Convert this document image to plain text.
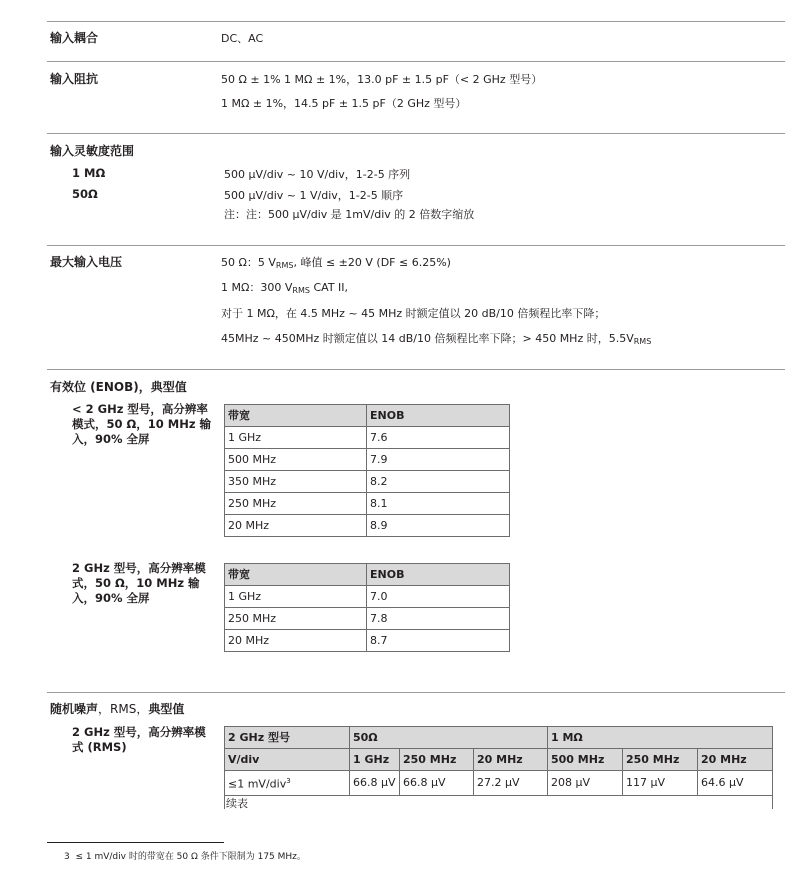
输入耦合	DC、AC
输入阻抗	50 Ω ± 1% 1 MΩ ± 1%，13.0 pF ± 1.5 pF（< 2 GHz 型号）
1 MΩ ± 1%，14.5 pF ± 1.5 pF（2 GHz 型号）
输入灵敏度范围
1 MΩ	500 μV/div ~ 10 V/div，1-2-5 序列
50Ω	500 μV/div ~ 1 V/div，1-2-5 顺序
注：注：500 μV/div 是 1mV/div 的 2 倍数字缩放
最大输入电压	50 Ω：5 $V_{RMS}$, 峰值 ≤ ±20 V (DF ≤ 6.25%)
1 MΩ：300 $V_{RMS}$ CAT II,
对于 1 MΩ，在 4.5 MHz ~ 45 MHz 时额定值以 20 dB/10 倍频程比率下降；
45MHz ~ 450MHz 时额定值以 14 dB/10 倍频程比率下降；> 450 MHz 时，$5.5V_{RMS}$
有效位 (ENOB)，典型值
< 2 GHz 型号，高分辨率模式，50 Ω，10 MHz 输入，90% 全屏
带宽	ENOB
1 GHz	7.6
500 MHz	7.9
350 MHz	8.2
250 MHz	8.1
20 MHz	8.9
2 GHz 型号，高分辨率模式，50 Ω，10 MHz 输入，90% 全屏
带宽	ENOB
1 GHz	7.0
250 MHz	7.8
20 MHz	8.7
随机噪声，RMS，典型值
2 GHz 型号，高分辨率模式 (RMS)
2 GHz 型号	50Ω			1 MΩ		
V/div	1 GHz	250 MHz	20 MHz	500 MHz	250 MHz	20 MHz
≤1 mV/div$^3$	66.8 μV	66.8 μV	27.2 μV	208 μV	117 μV	64.6 μV
续表
3 ≤ 1 mV/div 时的带宽在 50 Ω 条件下限制为 175 MHz。
